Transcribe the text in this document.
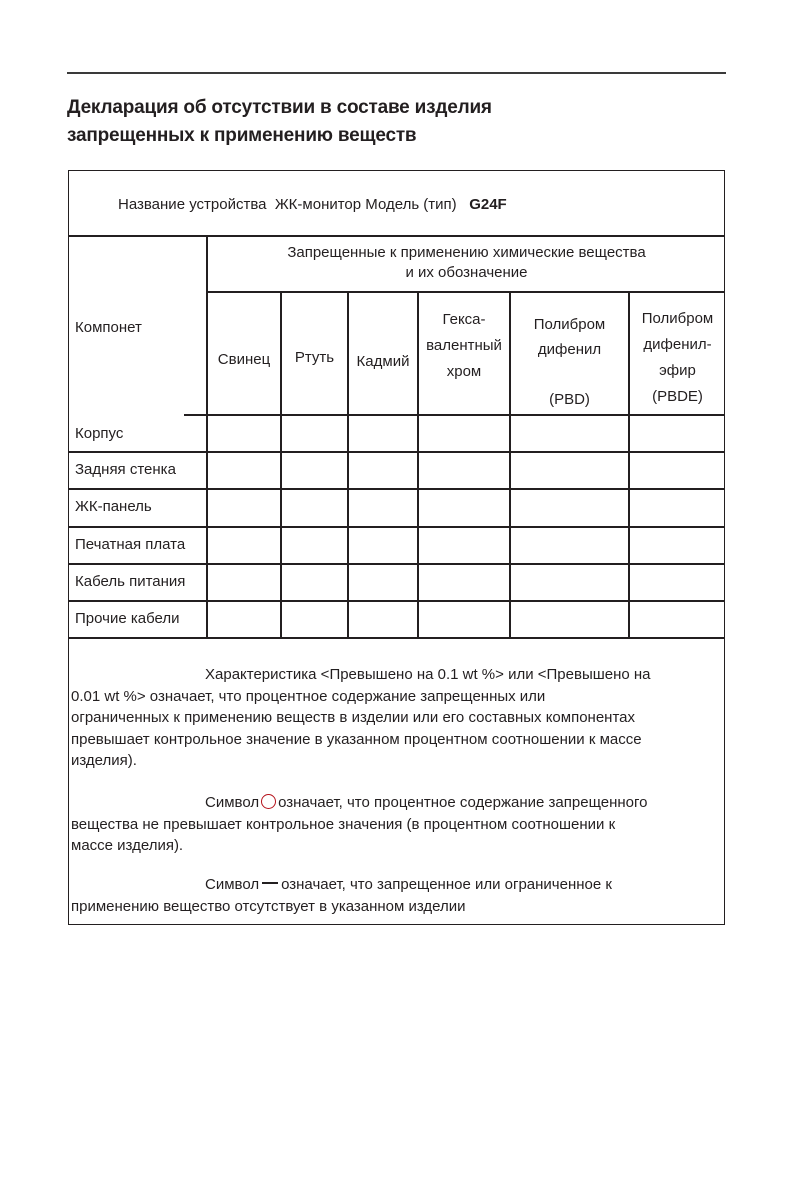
Декларация об отсутствии в составе изделия
запрещенных к применению веществ
Название устройства ЖК-монитор Модель (тип) G24F
Запрещенные к применению химические вещества
и их обозначение
Компонет
Свинец	Ртуть	Кадмий
Гекса-
валентный
хром
Полибром
дифенил
(PBD)
Полибром
дифенил-
эфир
(PBDE)
Корпус
Задняя стенка
ЖК-панель
Печатная плата
Кабель питания
Прочие кабели

Характеристика <Превышено на 0.1 wt %> или <Превышено на

0.01 wt %> означает, что процентное содержание запрещенных или

ограниченных к применению веществ в изделии или его составных компонентах

превышает контрольное значение в указанном процентном соотношении к массе

изделия).

Символ означает, что процентное содержание запрещенного

вещества не превышает контрольное значения (в процентном соотношении к

массе изделия).

Символ означает, что запрещенное или ограниченное к

применению вещество отсутствует в указанном изделии
